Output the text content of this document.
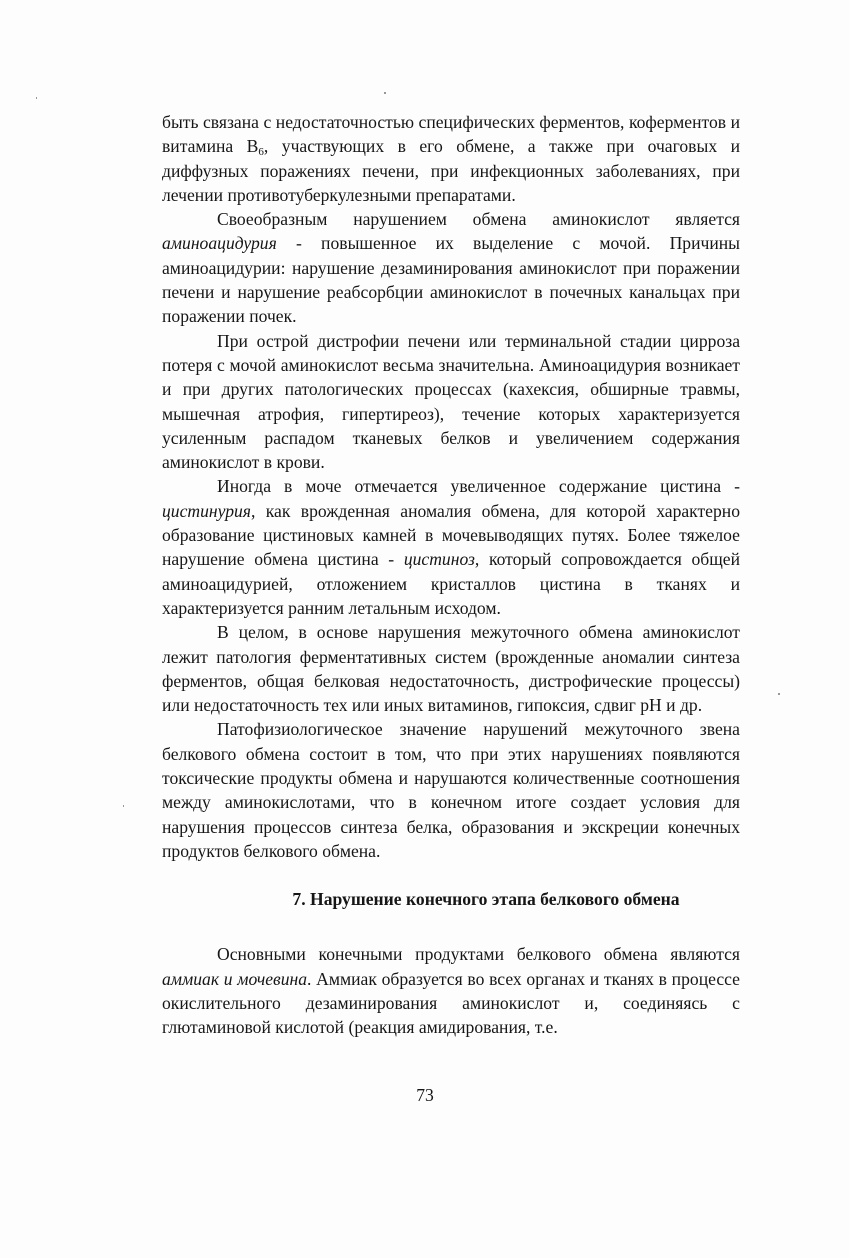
быть связана с недостаточностью специфических ферментов, коферментов и витамина $B_6$, участвующих в его обмене, а также при очаговых и диффузных поражениях печени, при инфекционных заболеваниях, при лечении противотуберкулезными препаратами.

Своеобразным нарушением обмена аминокислот является аминоацидурия - повышенное их выделение с мочой. Причины аминоацидурии: нарушение дезаминирования аминокислот при поражении печени и нарушение реабсорбции аминокислот в почечных канальцах при поражении почек.

При острой дистрофии печени или терминальной стадии цирроза потеря с мочой аминокислот весьма значительна. Аминоацидурия возникает и при других патологических процессах (кахексия, обширные травмы, мышечная атрофия, гипертиреоз), течение которых характеризуется усиленным распадом тканевых белков и увеличением содержания аминокислот в крови.

Иногда в моче отмечается увеличенное содержание цистина - цистинурия, как врожденная аномалия обмена, для которой характерно образование цистиновых камней в мочевыводящих путях. Более тяжелое нарушение обмена цистина - цистиноз, который сопровождается общей аминоацидурией, отложением кристаллов цистина в тканях и характеризуется ранним летальным исходом.

В целом, в основе нарушения межуточного обмена аминокислот лежит патология ферментативных систем (врожденные аномалии синтеза ферментов, общая белковая недостаточность, дистрофические процессы) или недостаточность тех или иных витаминов, гипоксия, сдвиг pH и др.

Патофизиологическое значение нарушений межуточного звена белкового обмена состоит в том, что при этих нарушениях появляются токсические продукты обмена и нарушаются количественные соотношения между аминокислотами, что в конечном итоге создает условия для нарушения процессов синтеза белка, образования и экскреции конечных продуктов белкового обмена.

7. Нарушение конечного этапа белкового обмена

Основными конечными продуктами белкового обмена являются аммиак и мочевина. Аммиак образуется во всех органах и тканях в процессе окислительного дезаминирования аминокислот и, соединяясь с глютаминовой кислотой (реакция амидирования, т.е.

73
